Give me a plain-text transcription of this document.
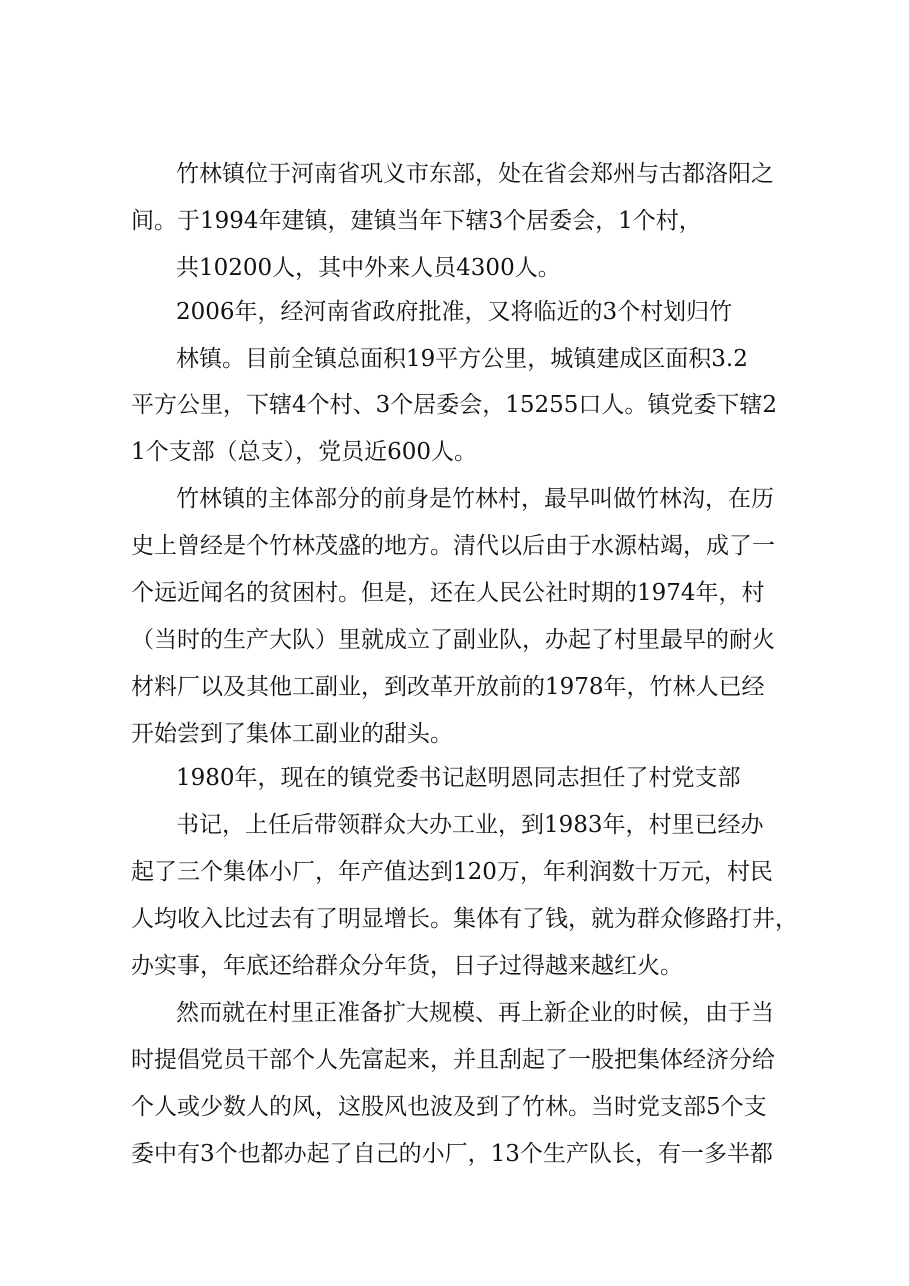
竹林镇位于河南省巩义市东部，处在省会郑州与古都洛阳之
间。于1994年建镇，建镇当年下辖3个居委会，1个村，
共10200人，其中外来人员4300人。
2006年，经河南省政府批准，又将临近的3个村划归竹
林镇。目前全镇总面积19平方公里，城镇建成区面积3.2
平方公里，下辖4个村、3个居委会，15255口人。镇党委下辖2
1个支部（总支），党员近600人。
竹林镇的主体部分的前身是竹林村，最早叫做竹林沟，在历
史上曾经是个竹林茂盛的地方。清代以后由于水源枯竭，成了一
个远近闻名的贫困村。但是，还在人民公社时期的1974年，村
（当时的生产大队）里就成立了副业队，办起了村里最早的耐火
材料厂以及其他工副业，到改革开放前的1978年，竹林人已经
开始尝到了集体工副业的甜头。
1980年，现在的镇党委书记赵明恩同志担任了村党支部
书记，上任后带领群众大办工业，到1983年，村里已经办
起了三个集体小厂，年产值达到120万，年利润数十万元，村民
人均收入比过去有了明显增长。集体有了钱，就为群众修路打井，
办实事，年底还给群众分年货，日子过得越来越红火。
然而就在村里正准备扩大规模、再上新企业的时候，由于当
时提倡党员干部个人先富起来，并且刮起了一股把集体经济分给
个人或少数人的风，这股风也波及到了竹林。当时党支部5个支
委中有3个也都办起了自己的小厂，13个生产队长，有一多半都
